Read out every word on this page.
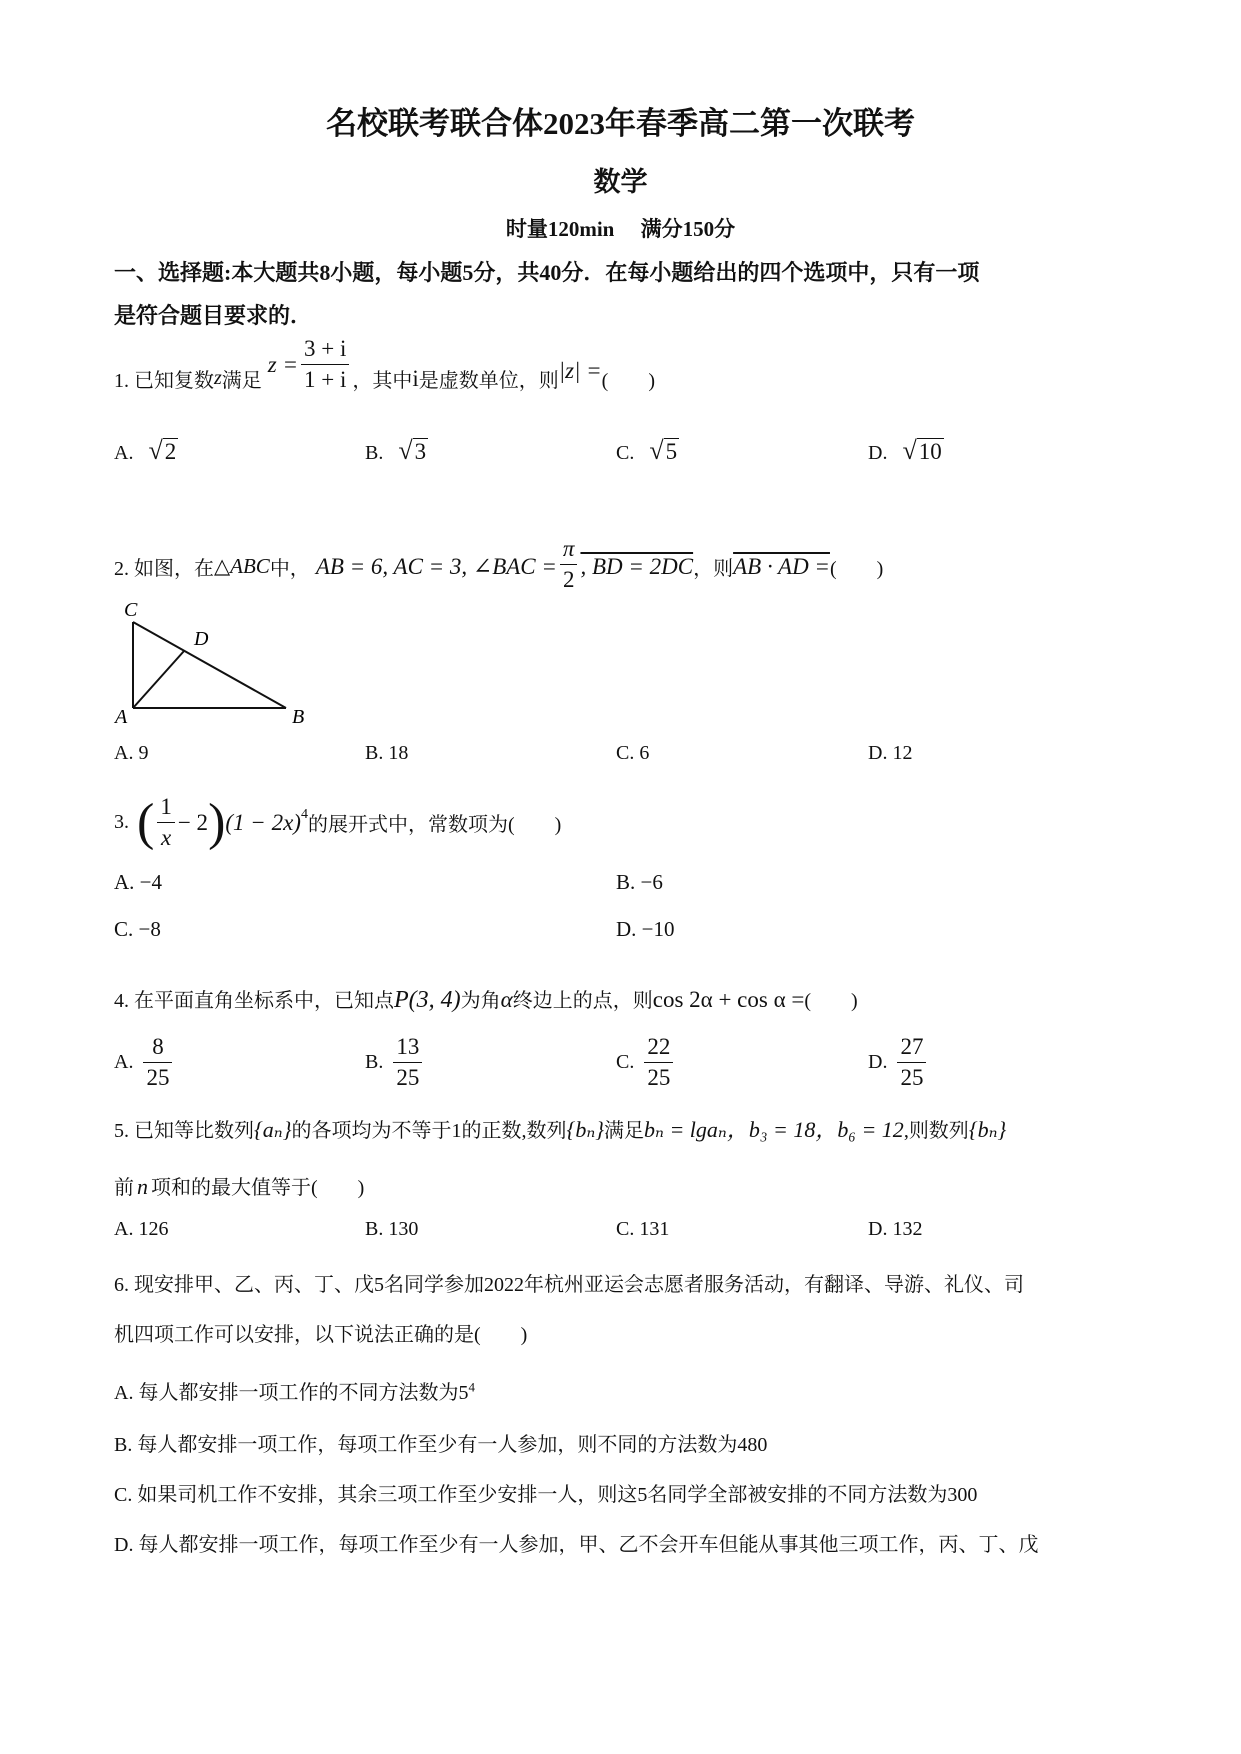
名校联考联合体2023年春季高二第一次联考
数学
时量120min　 满分150分
一、选择题:本大题共8小题，每小题5分，共40分．在每小题给出的四个选项中，只有一项
是符合题目要求的．
1. 已知复数 z 满足
$z = \frac{3 + i}{1 + i}$ ，其中 i 是虚数单位，则 |z| = (　　)
A. √2	B. √3	C. √5	D. √10
2. 如图，在 △ABC 中， AB = 6, AC = 3, ∠BAC = $\frac{\pi}{2}$ , BD = 2DC ，则 AB · AD = (　　)
C
D
A	B
A. 9	B. 18	C. 6	D. 12
3. ( $\frac{1}{x} - 2$ ) $(1 - 2x)^4$ 的展开式中，常数项为(　　)
A. −4	B. −6
C. −8	D. −10
4. 在平面直角坐标系中，已知点 P(3, 4) 为角 α 终边上的点，则 cos 2α + cos α = (　　)
A. $\frac{8}{25}$	B. $\frac{13}{25}$	C. $\frac{22}{25}$	D. $\frac{27}{25}$
5. 已知等比数列 {aₙ} 的各项均为不等于1的正数,数列 {bₙ} 满足 bₙ = lgaₙ，b₃ = 18，b₆ = 12 ,则数列 {bₙ}
前 n 项和的最大值等于(　　)
A. 126	B. 130	C. 131	D. 132
6. 现安排甲、乙、丙、丁、戊5名同学参加2022年杭州亚运会志愿者服务活动，有翻译、导游、礼仪、司
机四项工作可以安排，以下说法正确的是(　　)
A. 每人都安排一项工作的不同方法数为$5^4$
B. 每人都安排一项工作，每项工作至少有一人参加，则不同的方法数为480
C. 如果司机工作不安排，其余三项工作至少安排一人，则这5名同学全部被安排的不同方法数为300
D. 每人都安排一项工作，每项工作至少有一人参加，甲、乙不会开车但能从事其他三项工作，丙、丁、戊
